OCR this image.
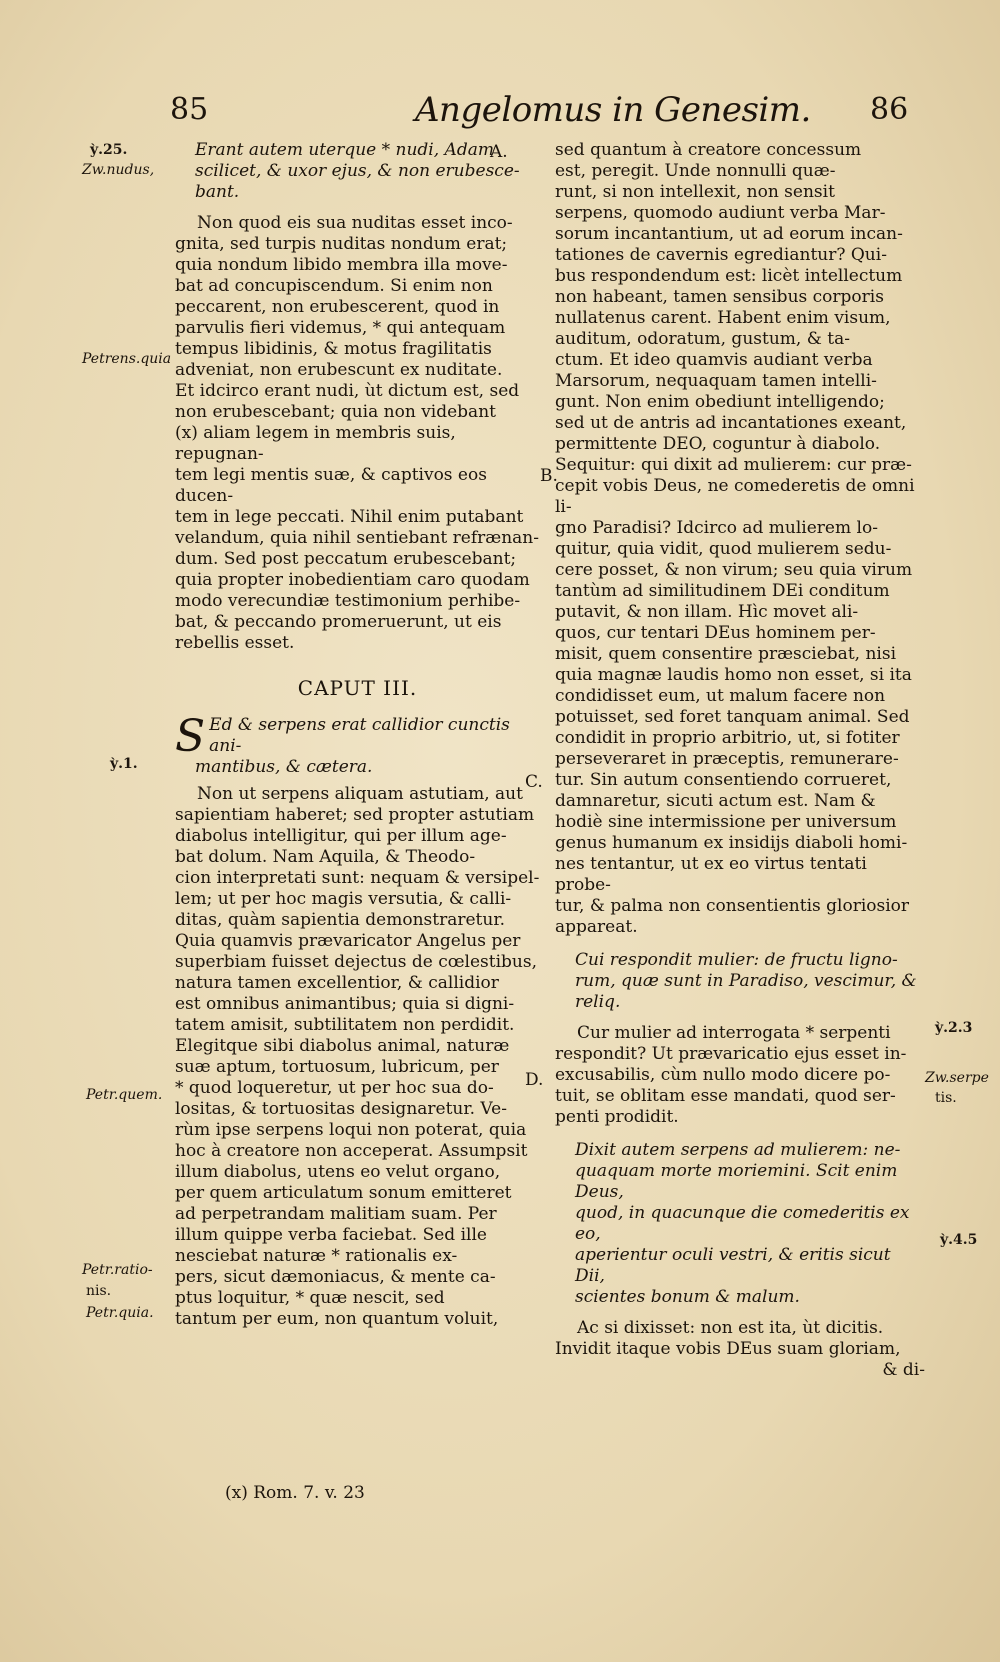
85	Angelomus in Genesim. 86
ỳ.25.
Zw.nudus,
Petrens.quia
ỳ.1.
Petr.quem.
Petr.ratio-
nis.
Petr.quia.
A.
B.
C.
D.
Erant autem uterque * nudi, Adam
scilicet, & uxor ejus, & non erubesce-
bant.
Non quod eis sua nuditas esset inco-
gnita, sed turpis nuditas nondum erat;
quia nondum libido membra illa move-
bat ad concupiscendum. Si enim non
peccarent, non erubescerent, quod in
parvulis fieri videmus, * qui antequam
tempus libidinis, & motus fragilitatis
adveniat, non erubescunt ex nuditate.
Et idcirco erant nudi, ùt dictum est, sed
non erubescebant; quia non videbant
(x) aliam legem in membris suis, repugnan-
tem legi mentis suæ, & captivos eos ducen-
tem in lege peccati. Nihil enim putabant
velandum, quia nihil sentiebant refrænan-
dum. Sed post peccatum erubescebant;
quia propter inobedientiam caro quodam
modo verecundiæ testimonium perhibe-
bat, & peccando promeruerunt, ut eis
rebellis esset.
CAPUT III.
S Ed & serpens erat callidior cunctis ani-
mantibus, & cætera.
Non ut serpens aliquam astutiam, aut
sapientiam haberet; sed propter astutiam
diabolus intelligitur, qui per illum age-
bat dolum. Nam Aquila, & Theodo-
cion interpretati sunt: nequam & versipel-
lem; ut per hoc magis versutia, & calli-
ditas, quàm sapientia demonstraretur.
Quia quamvis prævaricator Angelus per
superbiam fuisset dejectus de cœlestibus,
natura tamen excellentior, & callidior
est omnibus animantibus; quia si digni-
tatem amisit, subtilitatem non perdidit.
Elegitque sibi diabolus animal, naturæ
suæ aptum, tortuosum, lubricum, per
* quod loqueretur, ut per hoc sua do-
lositas, & tortuositas designaretur. Ve-
rùm ipse serpens loqui non poterat, quia
hoc à creatore non acceperat. Assumpsit
illum diabolus, utens eo velut organo,
per quem articulatum sonum emitteret
ad perpetrandam malitiam suam. Per
illum quippe verba faciebat. Sed ille
nesciebat naturæ * rationalis ex-
pers, sicut dæmoniacus, & mente ca-
ptus loquitur, * quæ nescit, sed
tantum per eum, non quantum voluit,
(x) Rom. 7. v. 23
sed quantum à creatore concessum
est, peregit. Unde nonnulli quæ-
runt, si non intellexit, non sensit
serpens, quomodo audiunt verba Mar-
sorum incantantium, ut ad eorum incan-
tationes de cavernis egrediantur? Qui-
bus respondendum est: licèt intellectum
non habeant, tamen sensibus corporis
nullatenus carent. Habent enim visum,
auditum, odoratum, gustum, & ta-
ctum. Et ideo quamvis audiant verba
Marsorum, nequaquam tamen intelli-
gunt. Non enim obediunt intelligendo;
sed ut de antris ad incantationes exeant,
permittente DEO, coguntur à diabolo.
Sequitur: qui dixit ad mulierem: cur præ-
cepit vobis Deus, ne comederetis de omni li-
gno Paradisi? Idcirco ad mulierem lo-
quitur, quia vidit, quod mulierem sedu-
cere posset, & non virum; seu quia virum
tantùm ad similitudinem DEi conditum
putavit, & non illam. Hìc movet ali-
quos, cur tentari DEus hominem per-
misit, quem consentire præsciebat, nisi
quia magnæ laudis homo non esset, si ita
condidisset eum, ut malum facere non
potuisset, sed foret tanquam animal. Sed
condidit in proprio arbitrio, ut, si fotiter
perseveraret in præceptis, remunerare-
tur. Sin autum consentiendo corrueret,
damnaretur, sicuti actum est. Nam &
hodiè sine intermissione per universum
genus humanum ex insidijs diaboli homi-
nes tentantur, ut ex eo virtus tentati probe-
tur, & palma non consentientis gloriosior
appareat.
Cui respondit mulier: de fructu ligno-
rum, quæ sunt in Paradiso, vescimur, &
reliq.
Cur mulier ad interrogata * serpenti
respondit? Ut prævaricatio ejus esset in-
excusabilis, cùm nullo modo dicere po-
tuit, se oblitam esse mandati, quod ser-
penti prodidit.
Dixit autem serpens ad mulierem: ne-
quaquam morte moriemini. Scit enim Deus,
quod, in quacunque die comederitis ex eo,
aperientur oculi vestri, & eritis sicut Dii,
scientes bonum & malum.
Ac si dixisset: non est ita, ùt dicitis.
Invidit itaque vobis DEus suam gloriam,
& di-
ỳ.2.3
Zw.serpe
tis.
ỳ.4.5
